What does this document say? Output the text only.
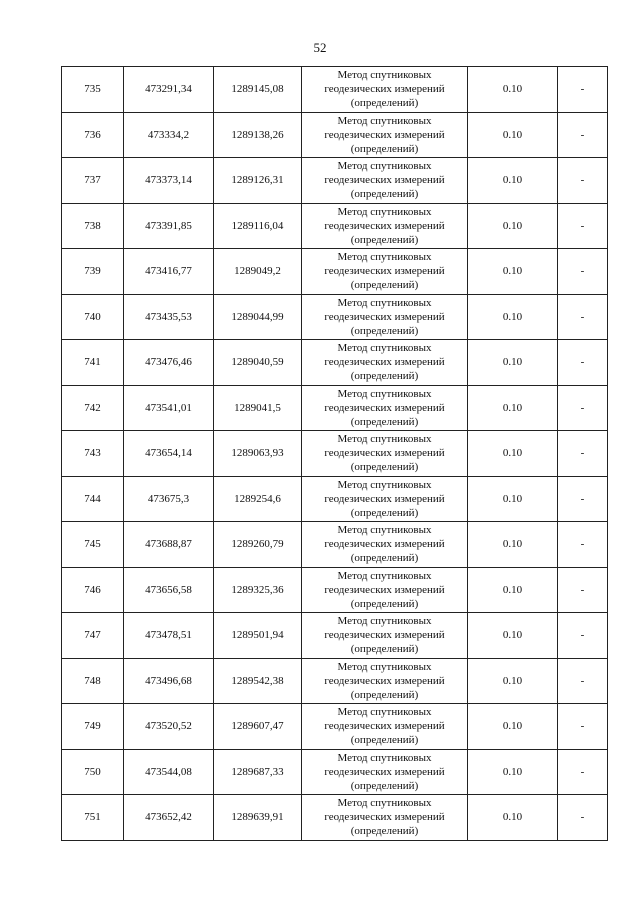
52
735	473291,34	1289145,08	Метод спутниковых
геодезических измерений
(определений)	0.10	-
736	473334,2	1289138,26	Метод спутниковых
геодезических измерений
(определений)	0.10	-
737	473373,14	1289126,31	Метод спутниковых
геодезических измерений
(определений)	0.10	-
738	473391,85	1289116,04	Метод спутниковых
геодезических измерений
(определений)	0.10	-
739	473416,77	1289049,2	Метод спутниковых
геодезических измерений
(определений)	0.10	-
740	473435,53	1289044,99	Метод спутниковых
геодезических измерений
(определений)	0.10	-
741	473476,46	1289040,59	Метод спутниковых
геодезических измерений
(определений)	0.10	-
742	473541,01	1289041,5	Метод спутниковых
геодезических измерений
(определений)	0.10	-
743	473654,14	1289063,93	Метод спутниковых
геодезических измерений
(определений)	0.10	-
744	473675,3	1289254,6	Метод спутниковых
геодезических измерений
(определений)	0.10	-
745	473688,87	1289260,79	Метод спутниковых
геодезических измерений
(определений)	0.10	-
746	473656,58	1289325,36	Метод спутниковых
геодезических измерений
(определений)	0.10	-
747	473478,51	1289501,94	Метод спутниковых
геодезических измерений
(определений)	0.10	-
748	473496,68	1289542,38	Метод спутниковых
геодезических измерений
(определений)	0.10	-
749	473520,52	1289607,47	Метод спутниковых
геодезических измерений
(определений)	0.10	-
750	473544,08	1289687,33	Метод спутниковых
геодезических измерений
(определений)	0.10	-
751	473652,42	1289639,91	Метод спутниковых
геодезических измерений
(определений)	0.10	-
